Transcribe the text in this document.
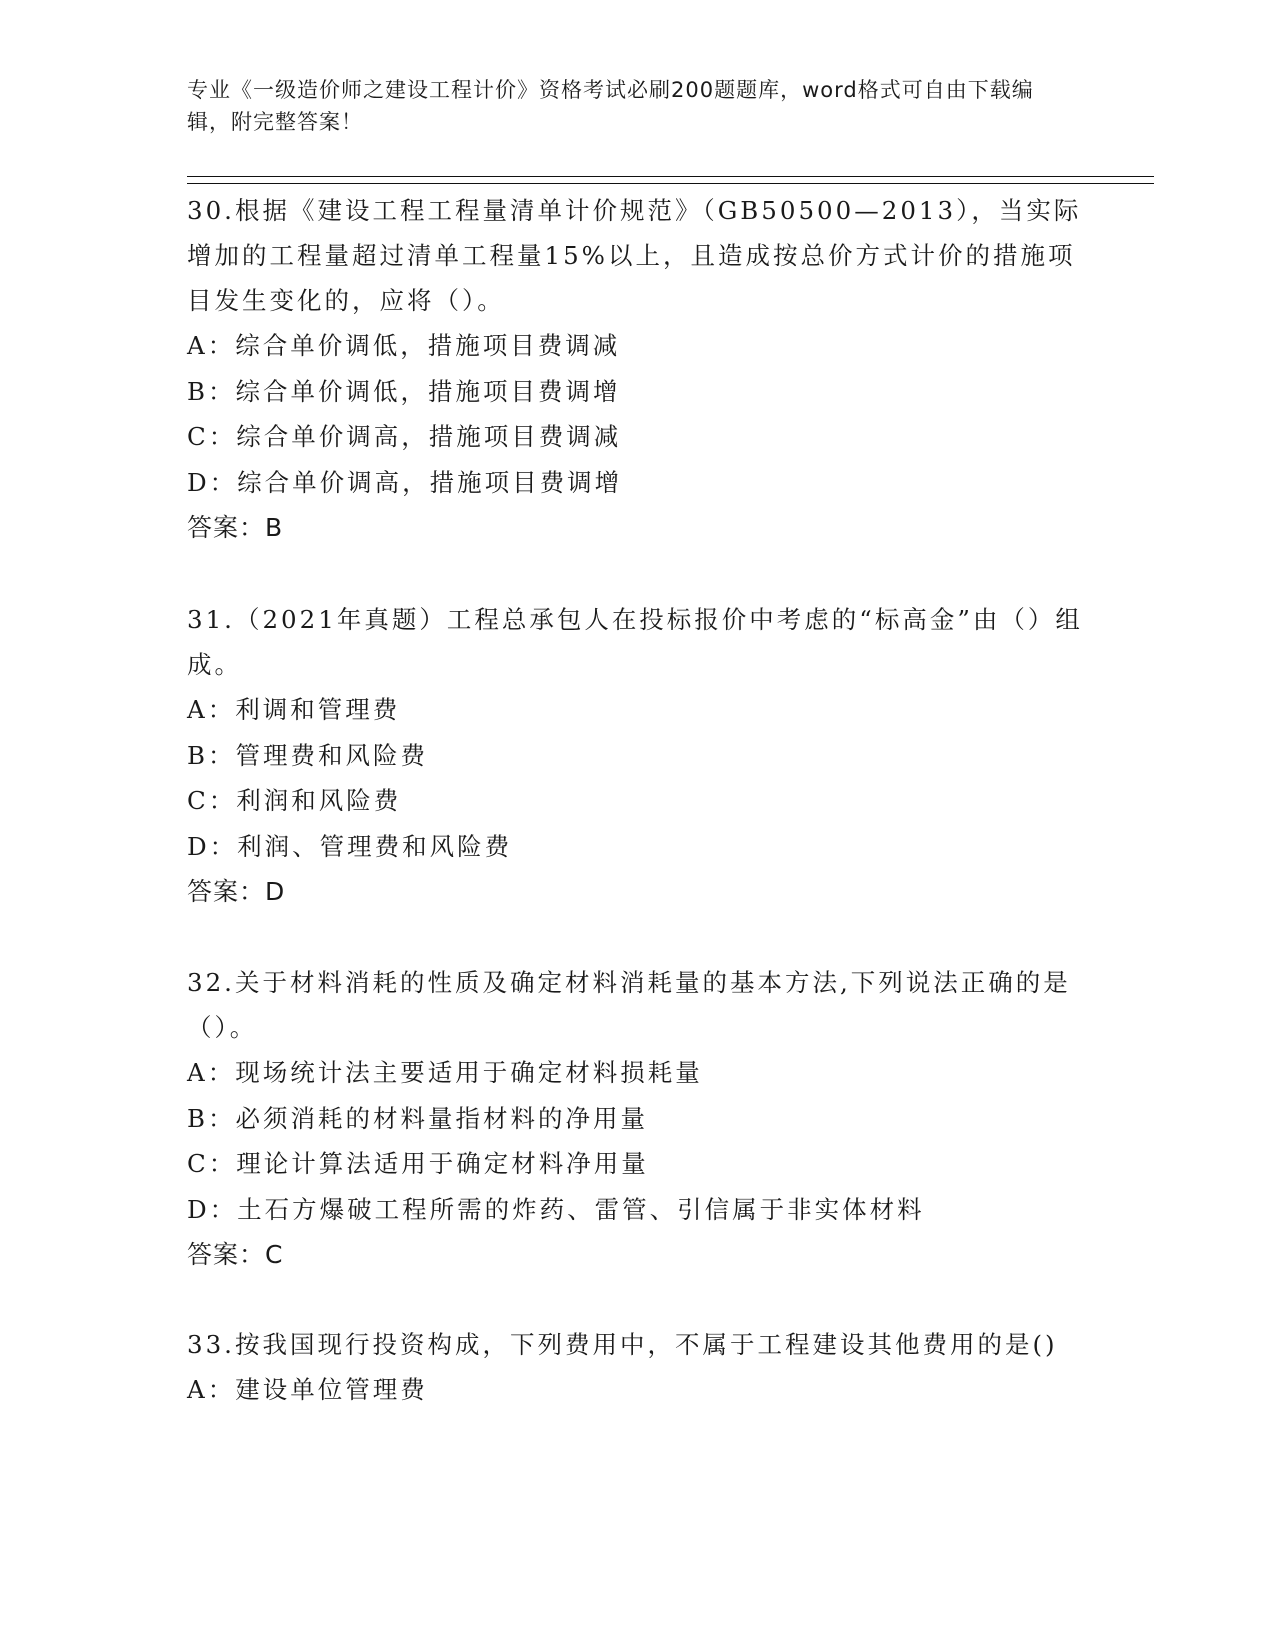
专业《一级造价师之建设工程计价》资格考试必刷200题题库，word格式可自由下载编辑，附完整答案！

30.根据《建设工程工程量清单计价规范》（GB50500—2013），当实际增加的工程量超过清单工程量15%以上，且造成按总价方式计价的措施项目发生变化的，应将（）。

A：综合单价调低，措施项目费调减

B：综合单价调低，措施项目费调增

C：综合单价调高，措施项目费调减

D：综合单价调高，措施项目费调增

答案：B

31.（2021年真题）工程总承包人在投标报价中考虑的“标高金”由（）组成。

A：利调和管理费

B：管理费和风险费

C：利润和风险费

D：利润、管理费和风险费

答案：D

32.关于材料消耗的性质及确定材料消耗量的基本方法,下列说法正确的是（）。

A：现场统计法主要适用于确定材料损耗量

B：必须消耗的材料量指材料的净用量

C：理论计算法适用于确定材料净用量

D：土石方爆破工程所需的炸药、雷管、引信属于非实体材料

答案：C

33.按我国现行投资构成，下列费用中，不属于工程建设其他费用的是()

A：建设单位管理费
